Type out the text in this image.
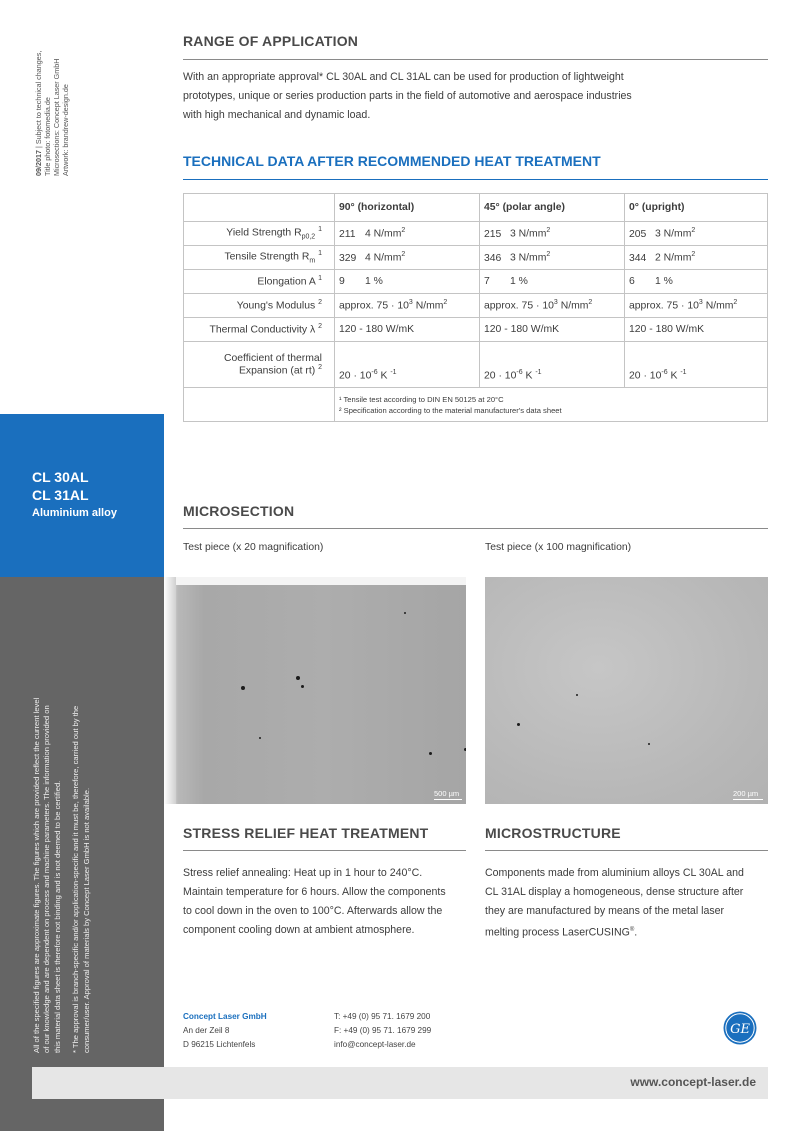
09/2017 | Subject to technical changes, Title photo: fotomedia.de Microsections: Concept Laser GmbH Artwork: brandrew-design.de
CL 30AL
CL 31AL
Aluminium alloy

All of the specified figures are approximate figures. The figures which are provided reflect the current level of our knowledge and are dependent on process and machine parameters. The information provided on this material data sheet is therefore not binding and is not deemed to be certified. * The approval is branch-specific and/or application-specific and it must be, therefore, carried out by the consumer/user. Approval of materials by Concept Laser GmbH is not available.

RANGE OF APPLICATION
With an appropriate approval* CL 30AL and CL 31AL can be used for production of lightweight prototypes, unique or series production parts in the field of automotive and aerospace industries with high mechanical and dynamic load.
TECHNICAL DATA AFTER RECOMMENDED HEAT TREATMENT
	90° (horizontal)	45° (polar angle)	0° (upright)
Yield Strength $R_{p0,2}$ $^1$	211 4 $N/mm^2$	215 3 $N/mm^2$	205 3 $N/mm^2$
Tensile Strength $R_m$ $^1$	329 4 $N/mm^2$	346 3 $N/mm^2$	344 2 $N/mm^2$
Elongation A $^1$	9 1 %	7 1 %	6 1 %
Young's Modulus $^2$	approx. $75 \cdot 10^3$ $N/mm^2$	approx. $75 \cdot 10^3$ $N/mm^2$	approx. $75 \cdot 10^3$ $N/mm^2$
Thermal Conductivity λ $^2$	120 - 180 W/mK	120 - 180 W/mK	120 - 180 W/mK

Coefficient of thermal
Expansion (at rt) $^2$	$20 \cdot 10^{-6}$ K $^{-1}$	$20 \cdot 10^{-6}$ K $^{-1}$	$20 \cdot 10^{-6}$ K $^{-1}$

	¹ Tensile test according to DIN EN 50125 at 20°C
² Specification according to the material manufacturer's data sheet		
MICROSECTION
Test piece (x 20 magnification)	Test piece (x 100 magnification)
500 µm	200 µm
STRESS RELIEF HEAT TREATMENT
Stress relief annealing: Heat up in 1 hour to 240°C. Maintain temperature for 6 hours. Allow the components to cool down in the oven to 100°C. Afterwards allow the component cooling down at ambient atmosphere.
MICROSTRUCTURE
Components made from aluminium alloys CL 30AL and CL 31AL display a homogeneous, dense structure after they are manufactured by means of the metal laser melting process LaserCUSING®.
Concept Laser GmbH
An der Zeil 8
D 96215 Lichtenfels
T: +49 (0) 95 71. 1679 200
F: +49 (0) 95 71. 1679 299
info@concept-laser.de
GE
www.concept-laser.de
